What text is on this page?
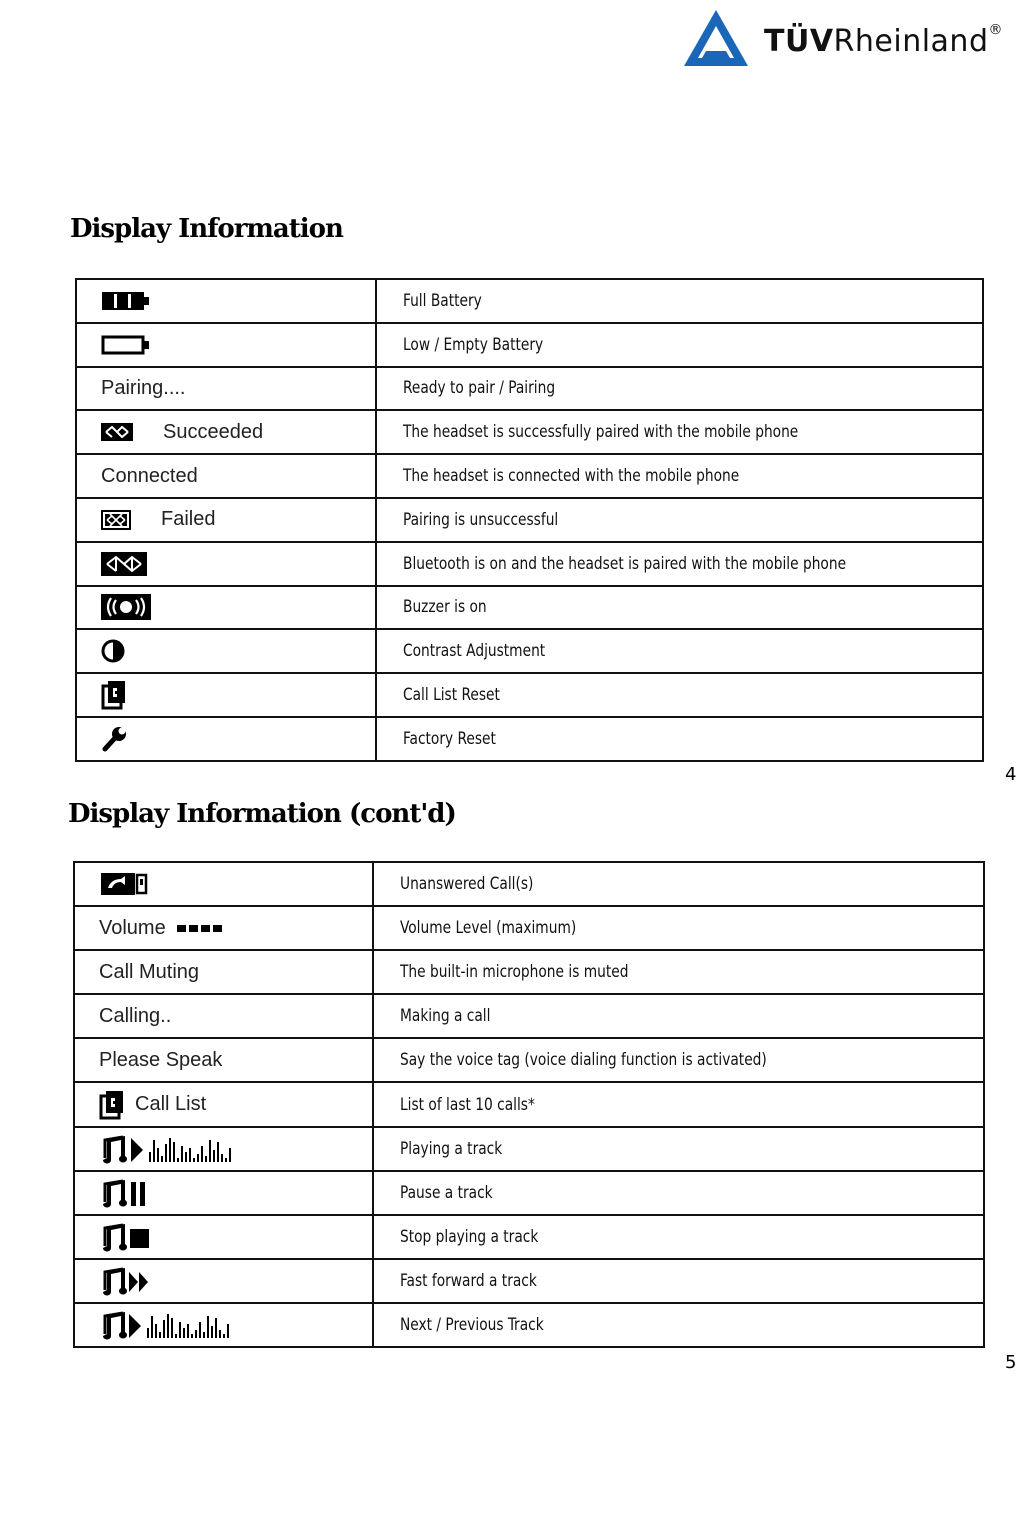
TÜVRheinland®
Display Information
	Full Battery

	Low / Empty Battery
Pairing....	Ready to pair / Pairing

Succeeded	The headset is successfully paired with the mobile phone
Connected	The headset is connected with the mobile phone

Failed	Pairing is unsuccessful

	Bluetooth is on and the headset is paired with the mobile phone

	Buzzer is on

	Contrast Adjustment

	Call List Reset

	Factory Reset
4
Display Information (cont'd)
	Unanswered Call(s)

Volume	Volume Level (maximum)
Call Muting	The built-in microphone is muted
Calling..	Making a call
Please Speak	Say the voice tag (voice dialing function is activated)

Call List	List of last 10 calls*

	Playing a track

	Pause a track

	Stop playing a track

	Fast forward a track

	Next / Previous Track
5
